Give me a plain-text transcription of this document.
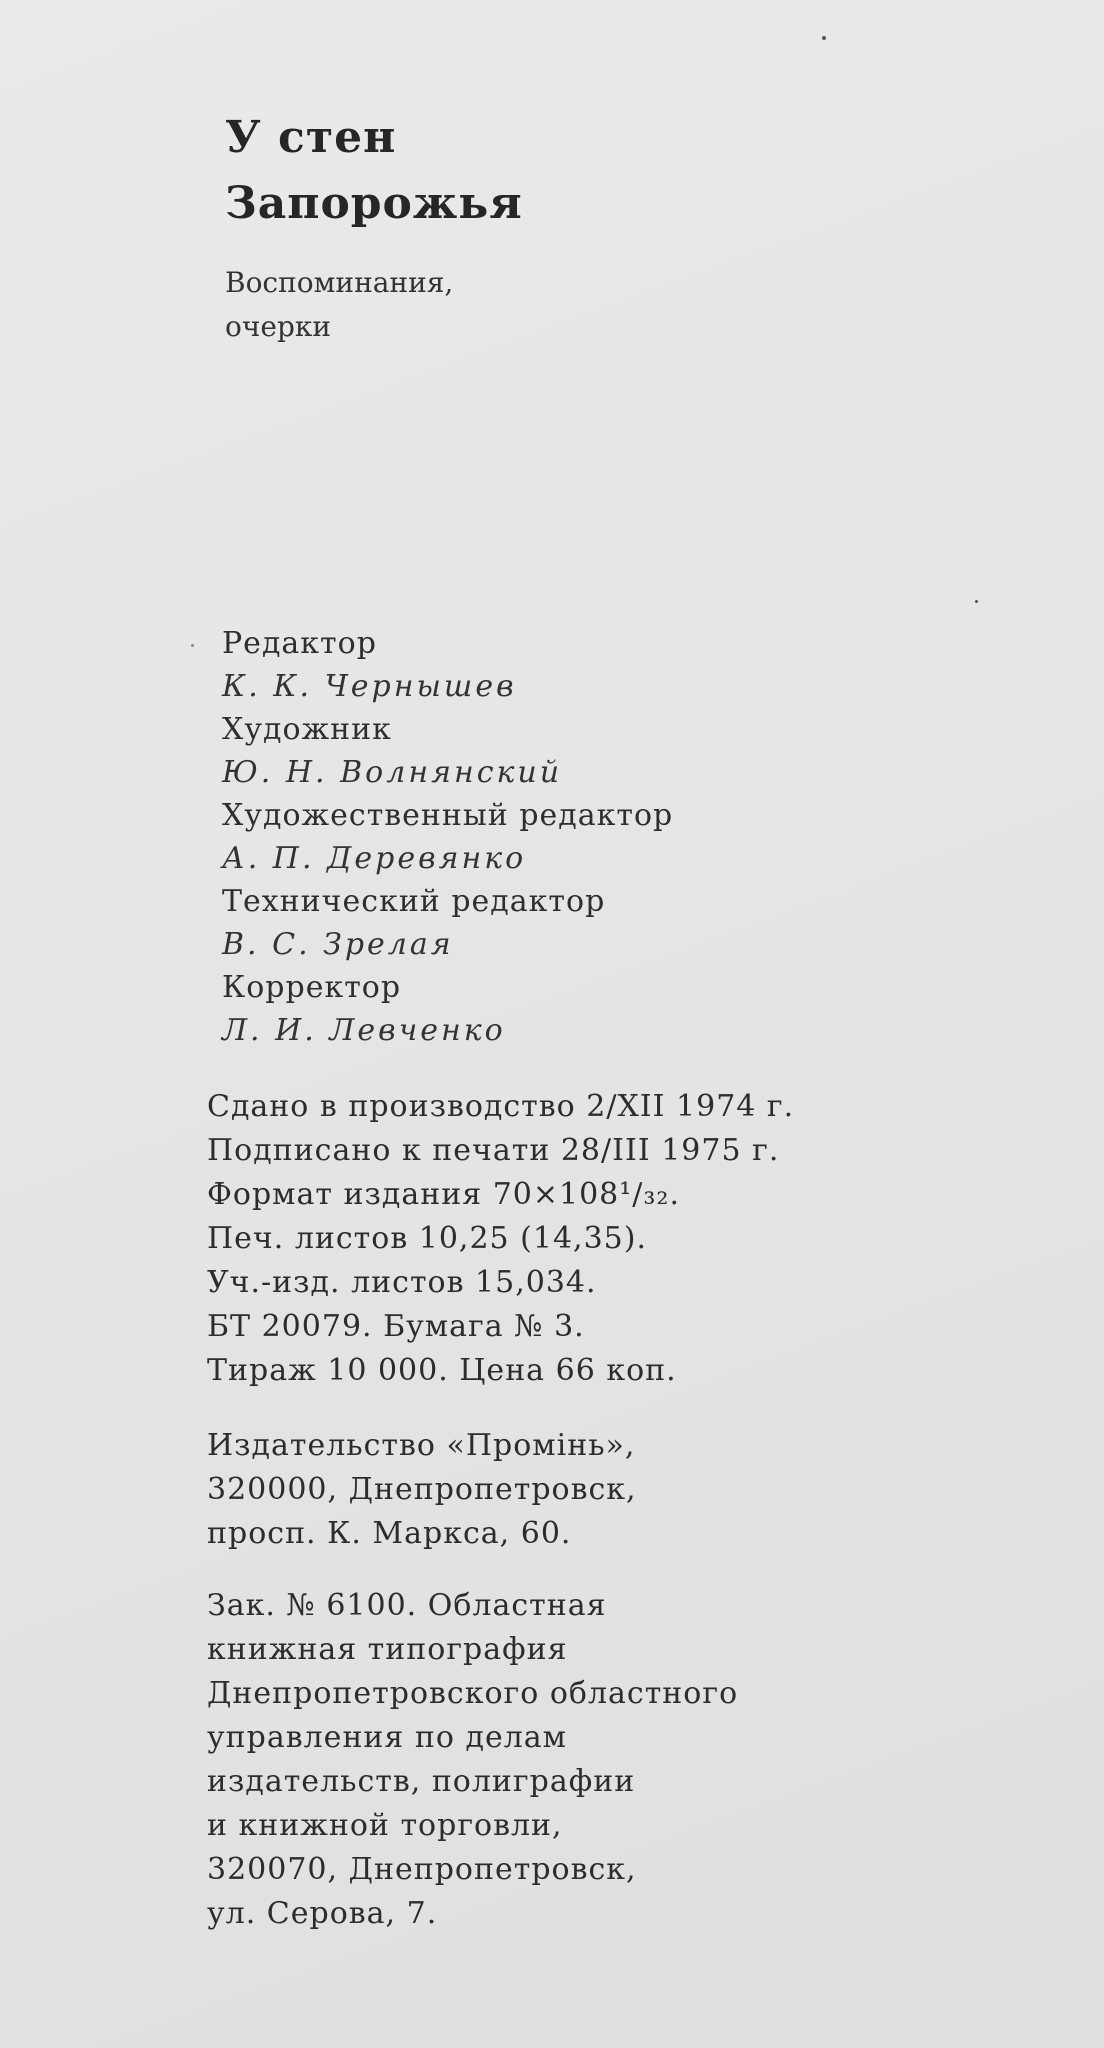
У стен
Запорожья
Воспоминания,
очерки
Редактор
К. К. Чернышев
Художник
Ю. Н. Волнянский
Художественный редактор
А. П. Деревянко
Технический редактор
В. С. Зрелая
Корректор
Л. И. Левченко
Сдано в производство 2/XII 1974 г.
Подписано к печати 28/III 1975 г.
Формат издания 70×108¹/₃₂.
Печ. листов 10,25 (14,35).
Уч.-изд. листов 15,034.
БТ 20079. Бумага № 3.
Тираж 10 000. Цена 66 коп.
Издательство «Промінь»,
320000, Днепропетровск,
просп. К. Маркса, 60.
Зак. № 6100. Областная
книжная типография
Днепропетровского областного
управления по делам
издательств, полиграфии
и книжной торговли,
320070, Днепропетровск,
ул. Серова, 7.
